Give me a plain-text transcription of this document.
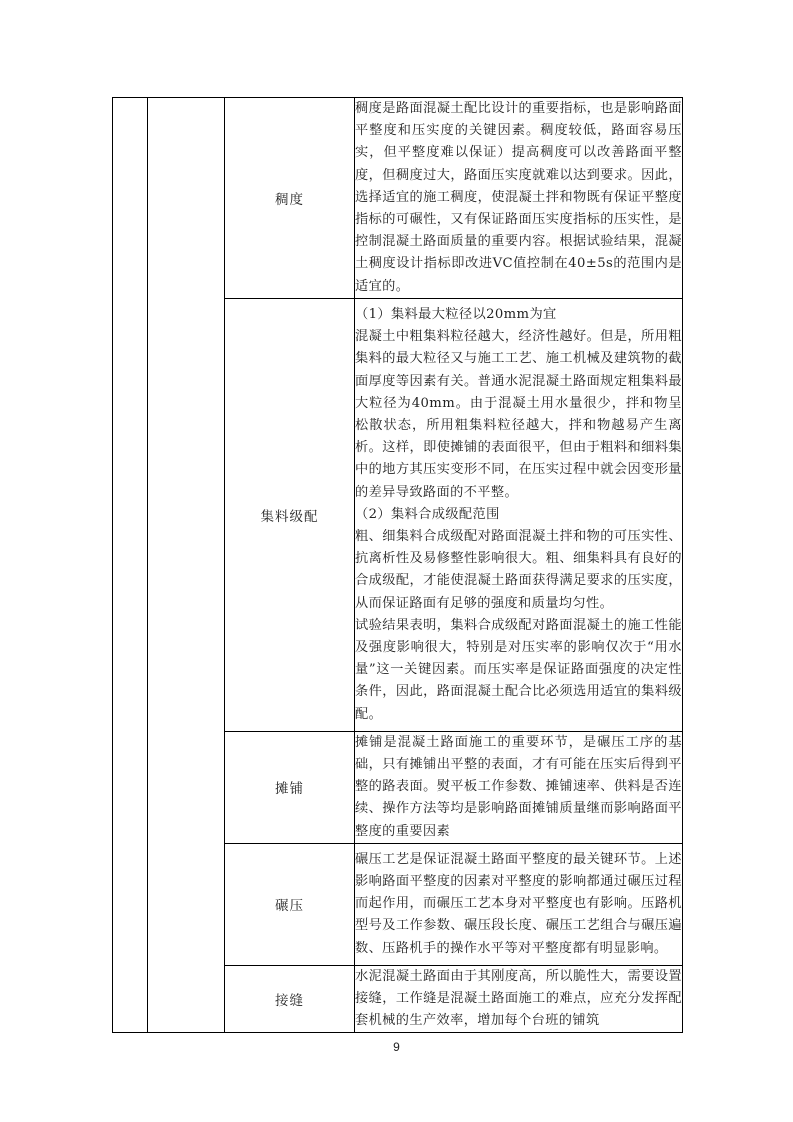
		稠度	稠度是路面混凝土配比设计的重要指标，也是影响路面平整度和压实度的关键因素。稠度较低，路面容易压实，但平整度难以保证）提高稠度可以改善路面平整度，但稠度过大，路面压实度就难以达到要求。因此，选择适宜的施工稠度，使混凝土拌和物既有保证平整度指标的可碾性，又有保证路面压实度指标的压实性，是控制混凝土路面质量的重要内容。根据试验结果，混凝土稠度设计指标即改进VC值控制在40±5s的范围内是适宜的。

		集料级配	（1）集料最大粒径以20mm为宜

混凝土中粗集料粒径越大，经济性越好。但是，所用粗集料的最大粒径又与施工工艺、施工机械及建筑物的截面厚度等因素有关。普通水泥混凝土路面规定粗集料最大粒径为40mm。由于混凝土用水量很少，拌和物呈松散状态，所用粗集料粒径越大，拌和物越易产生离析。这样，即使摊铺的表面很平，但由于粗料和细料集中的地方其压实变形不同，在压实过程中就会因变形量的差异导致路面的不平整。

（2）集料合成级配范围

粗、细集料合成级配对路面混凝土拌和物的可压实性、抗离析性及易修整性影响很大。粗、细集料具有良好的合成级配，才能使混凝土路面获得满足要求的压实度，从而保证路面有足够的强度和质量均匀性。

试验结果表明，集料合成级配对路面混凝土的施工性能及强度影响很大，特别是对压实率的影响仅次于“用水量”这一关键因素。而压实率是保证路面强度的决定性条件，因此，路面混凝土配合比必须选用适宜的集料级配。

		摊铺	摊铺是混凝土路面施工的重要环节，是碾压工序的基础，只有摊铺出平整的表面，才有可能在压实后得到平整的路表面。熨平板工作参数、摊铺速率、供料是否连续、操作方法等均是影响路面摊铺质量继而影响路面平整度的重要因素

		碾压	碾压工艺是保证混凝土路面平整度的最关键环节。上述影响路面平整度的因素对平整度的影响都通过碾压过程而起作用，而碾压工艺本身对平整度也有影响。压路机型号及工作参数、碾压段长度、碾压工艺组合与碾压遍数、压路机手的操作水平等对平整度都有明显影响。

		接缝	水泥混凝土路面由于其刚度高，所以脆性大，需要设置接缝，工作缝是混凝土路面施工的难点，应充分发挥配套机械的生产效率，增加每个台班的铺筑

9
